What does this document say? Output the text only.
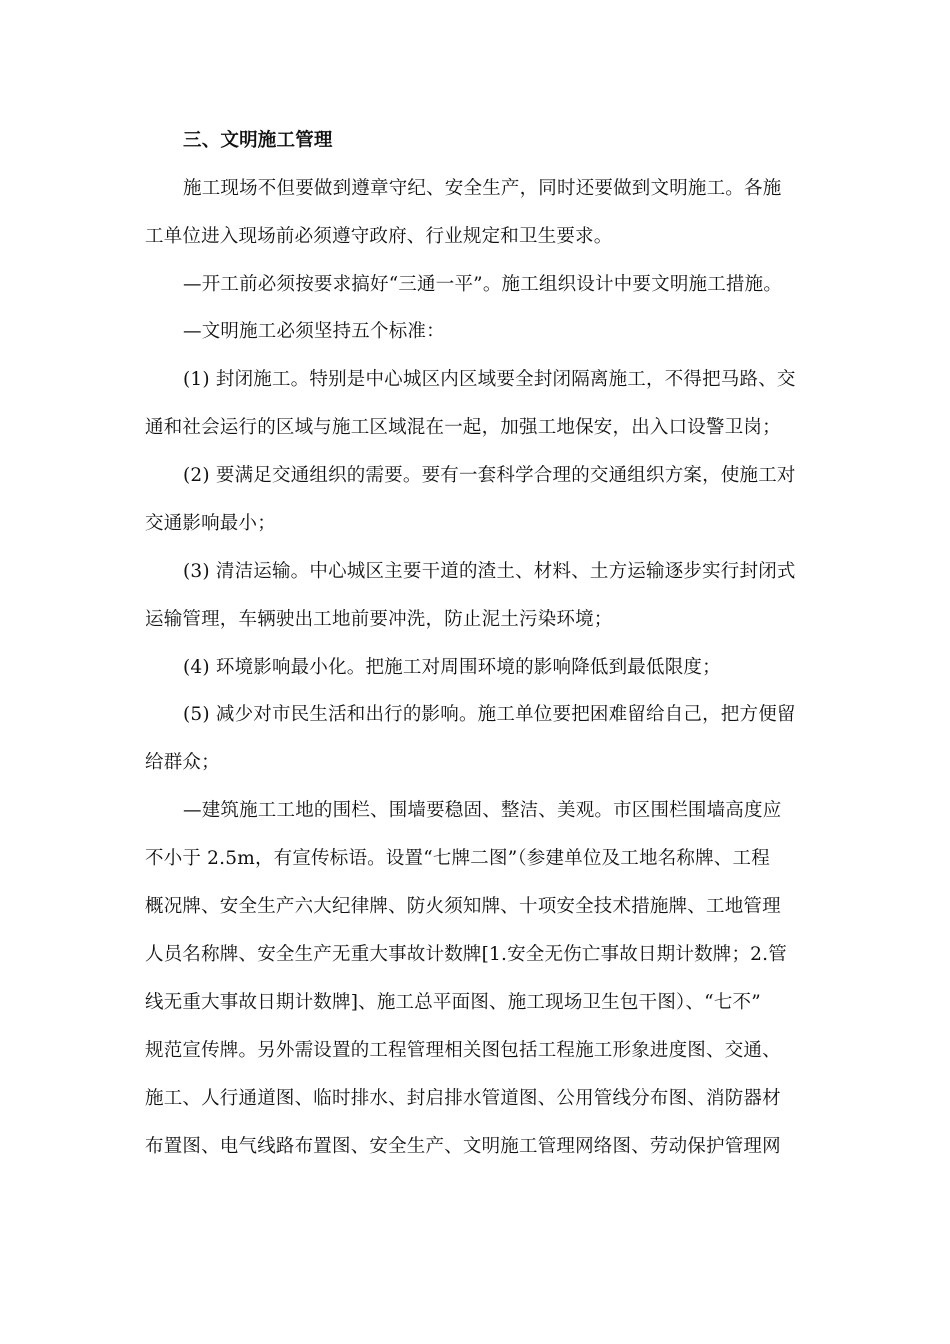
三、文明施工管理
施工现场不但要做到遵章守纪、安全生产，同时还要做到文明施工。各施
工单位进入现场前必须遵守政府、行业规定和卫生要求。
—开工前必须按要求搞好“三通一平”。施工组织设计中要文明施工措施。
—文明施工必须坚持五个标准：
(1) 封闭施工。特别是中心城区内区域要全封闭隔离施工，不得把马路、交
通和社会运行的区域与施工区域混在一起，加强工地保安，出入口设警卫岗；
(2) 要满足交通组织的需要。要有一套科学合理的交通组织方案，使施工对
交通影响最小；
(3) 清洁运输。中心城区主要干道的渣土、材料、土方运输逐步实行封闭式
运输管理，车辆驶出工地前要冲洗，防止泥土污染环境；
(4) 环境影响最小化。把施工对周围环境的影响降低到最低限度；
(5) 减少对市民生活和出行的影响。施工单位要把困难留给自己，把方便留
给群众；
—建筑施工工地的围栏、围墙要稳固、整洁、美观。市区围栏围墙高度应
不小于 2.5m，有宣传标语。设置“七牌二图”（参建单位及工地名称牌、工程
概况牌、安全生产六大纪律牌、防火须知牌、十项安全技术措施牌、工地管理
人员名称牌、安全生产无重大事故计数牌[1.安全无伤亡事故日期计数牌；2.管
线无重大事故日期计数牌]、施工总平面图、施工现场卫生包干图）、“七不”
规范宣传牌。另外需设置的工程管理相关图包括工程施工形象进度图、交通、
施工、人行通道图、临时排水、封启排水管道图、公用管线分布图、消防器材
布置图、电气线路布置图、安全生产、文明施工管理网络图、劳动保护管理网
